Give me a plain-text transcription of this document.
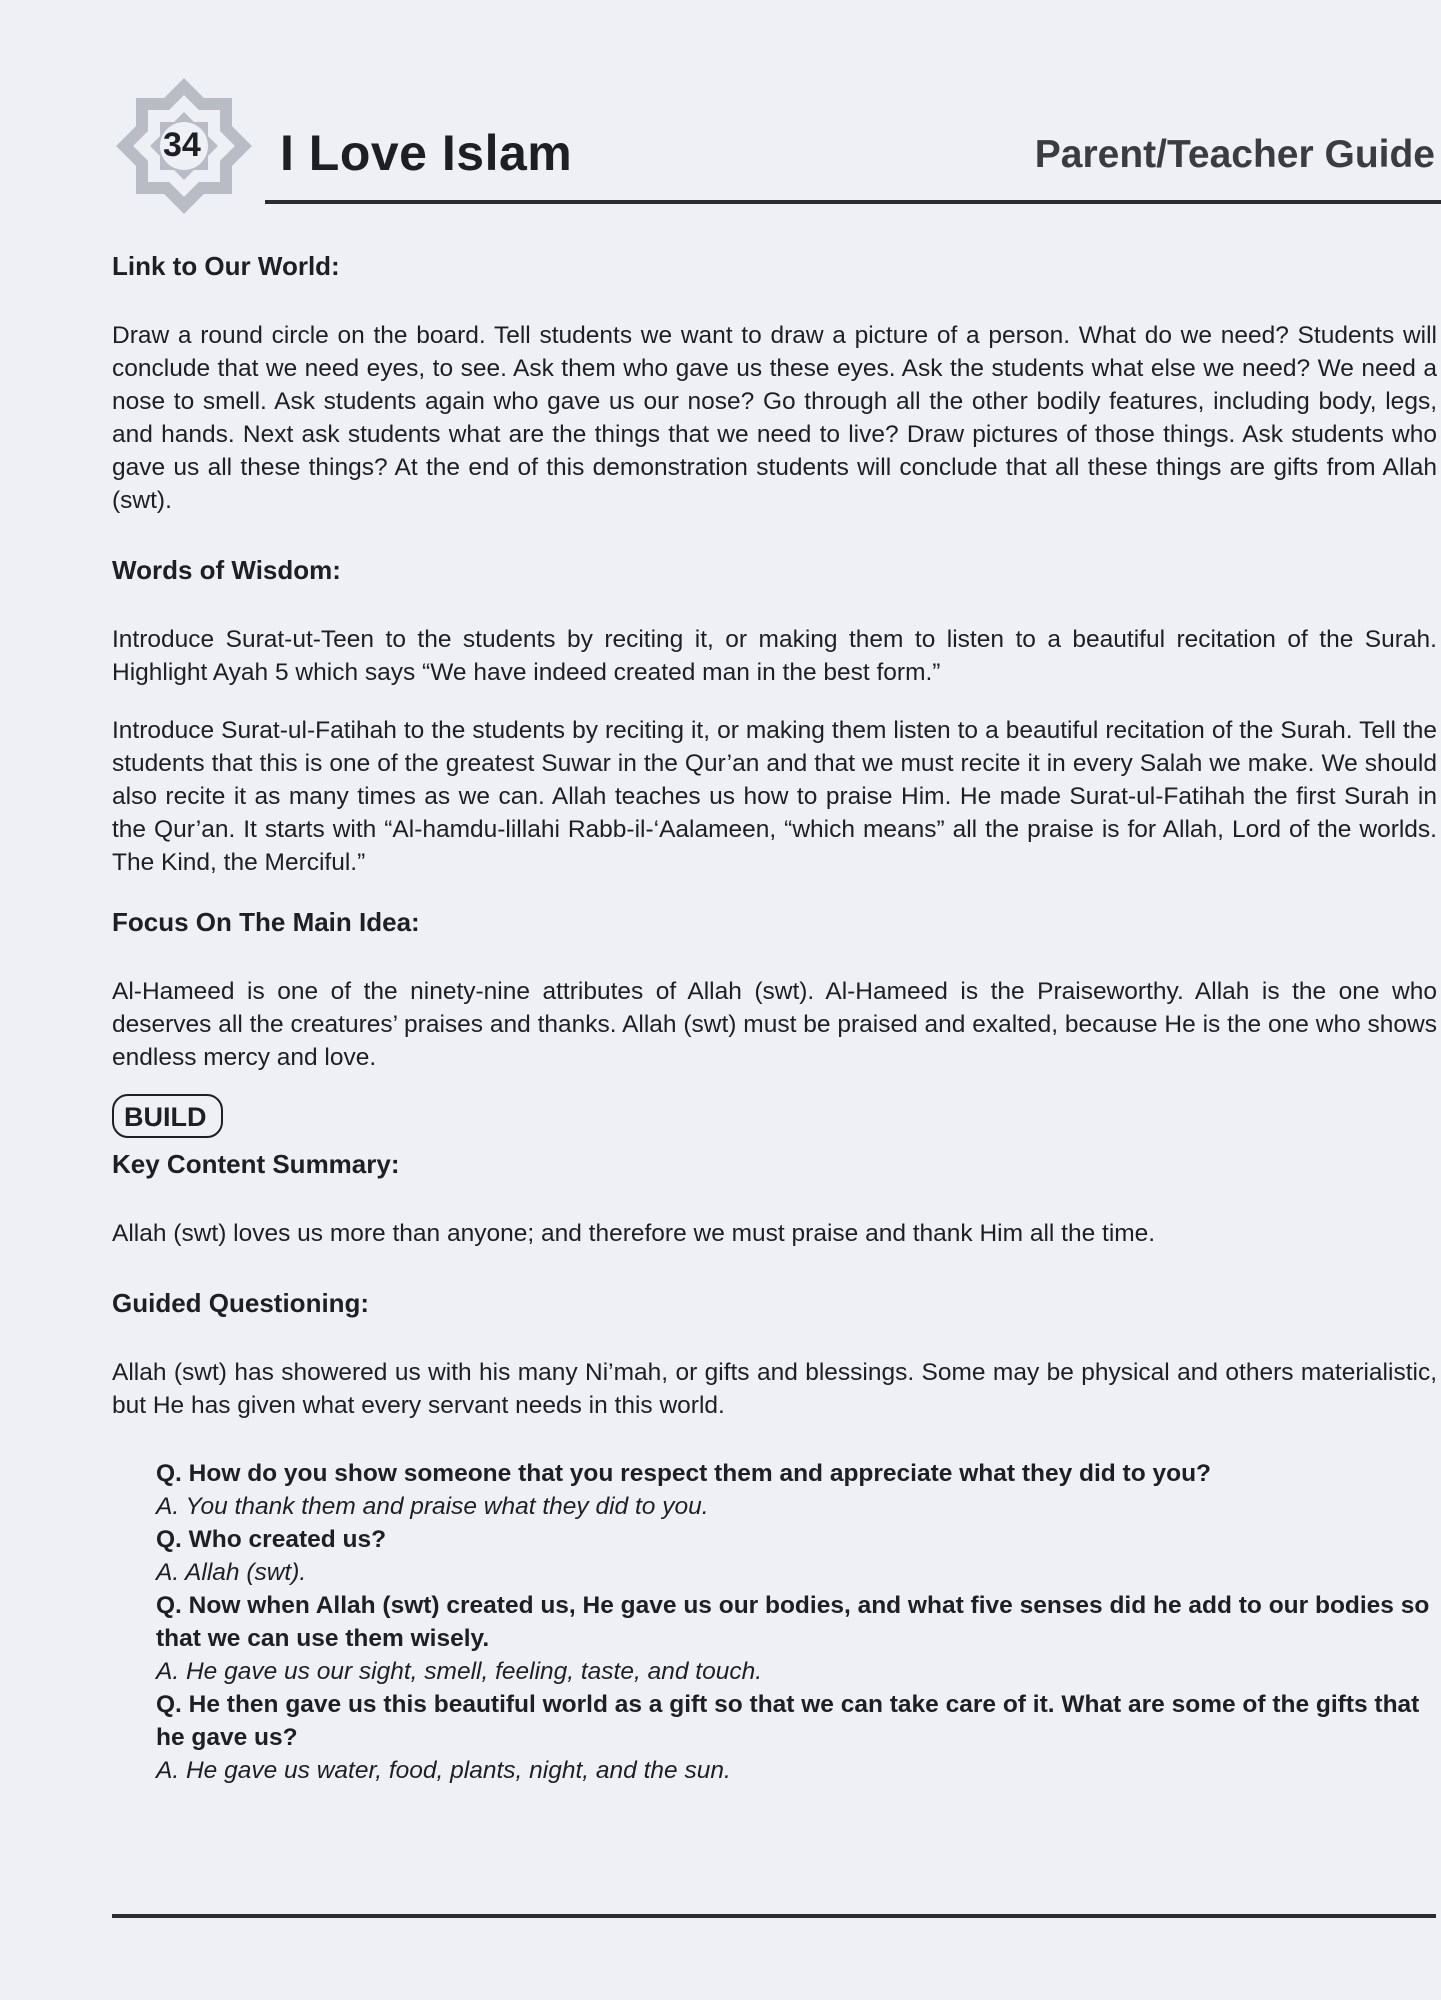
34 I Love Islam	Parent/Teacher Guide

Link to Our World:

Draw a round circle on the board. Tell students we want to draw a picture of a person. What do we need? Students will conclude that we need eyes, to see. Ask them who gave us these eyes. Ask the students what else we need? We need a nose to smell. Ask students again who gave us our nose? Go through all the other bodily features, including body, legs, and hands. Next ask students what are the things that we need to live? Draw pictures of those things. Ask students who gave us all these things? At the end of this demonstration students will conclude that all these things are gifts from Allah (swt).

Words of Wisdom:

Introduce Surat-ut-Teen to the students by reciting it, or making them to listen to a beautiful recitation of the Surah. Highlight Ayah 5 which says “We have indeed created man in the best form.”

Introduce Surat-ul-Fatihah to the students by reciting it, or making them listen to a beautiful recitation of the Surah. Tell the students that this is one of the greatest Suwar in the Qur’an and that we must recite it in every Salah we make. We should also recite it as many times as we can. Allah teaches us how to praise Him. He made Surat-ul-Fatihah the first Surah in the Qur’an. It starts with “Al-hamdu-lillahi Rabb-il-‘Aalameen, “which means” all the praise is for Allah, Lord of the worlds. The Kind, the Merciful.”

Focus On The Main Idea:

Al-Hameed is one of the ninety-nine attributes of Allah (swt). Al-Hameed is the Praiseworthy. Allah is the one who deserves all the creatures’ praises and thanks. Allah (swt) must be praised and exalted, because He is the one who shows endless mercy and love.

BUILD

Key Content Summary:

Allah (swt) loves us more than anyone; and therefore we must praise and thank Him all the time.

Guided Questioning:

Allah (swt) has showered us with his many Ni’mah, or gifts and blessings. Some may be physical and others materialistic, but He has given what every servant needs in this world.

Q. How do you show someone that you respect them and appreciate what they did to you?

A. You thank them and praise what they did to you.

Q. Who created us?

A. Allah (swt).

Q. Now when Allah (swt) created us, He gave us our bodies, and what five senses did he add to our bodies so that we can use them wisely.

A. He gave us our sight, smell, feeling, taste, and touch.

Q. He then gave us this beautiful world as a gift so that we can take care of it. What are some of the gifts that he gave us?

A. He gave us water, food, plants, night, and the sun.
